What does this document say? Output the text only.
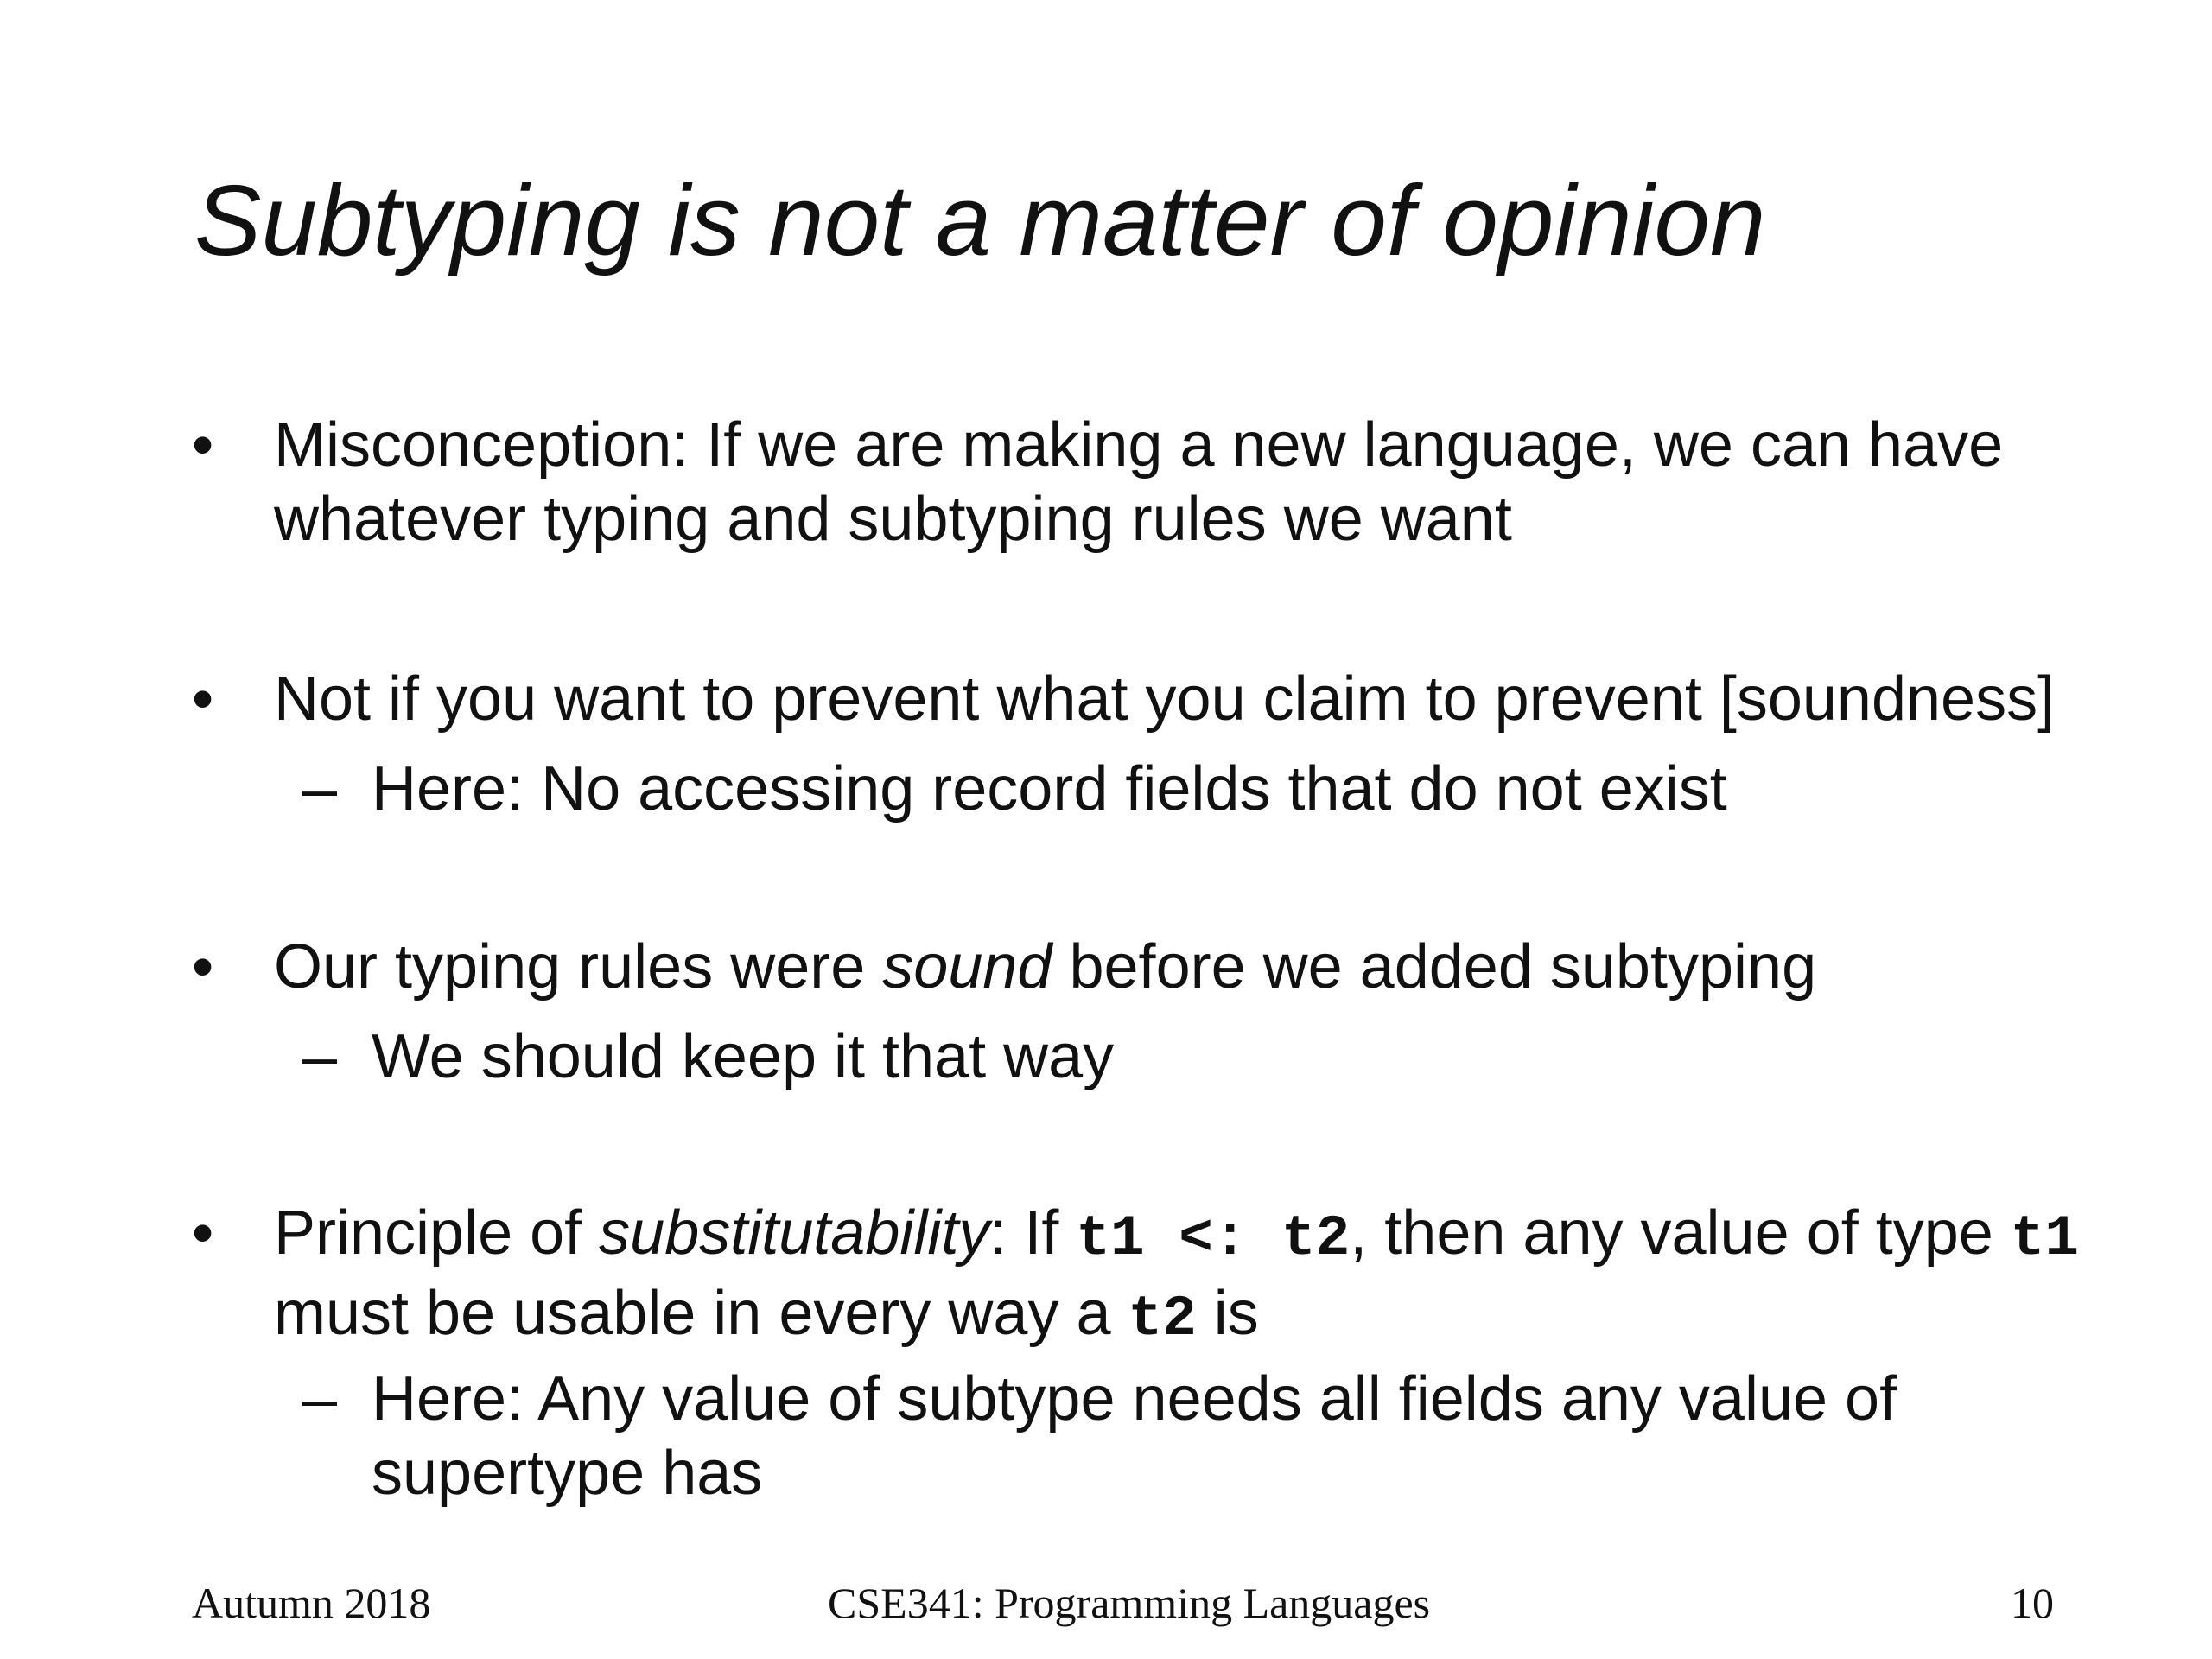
Subtyping is not a matter of opinion
• Misconception: If we are making a new language, we can have whatever typing and subtyping rules we want
• Not if you want to prevent what you claim to prevent [soundness]
– Here: No accessing record fields that do not exist
• Our typing rules were sound before we added subtyping
– We should keep it that way
• Principle of substitutability: If t1 <: t2, then any value of type t1 must be usable in every way a t2 is
– Here: Any value of subtype needs all fields any value of supertype has
Autumn 2018	CSE341: Programming Languages	10
